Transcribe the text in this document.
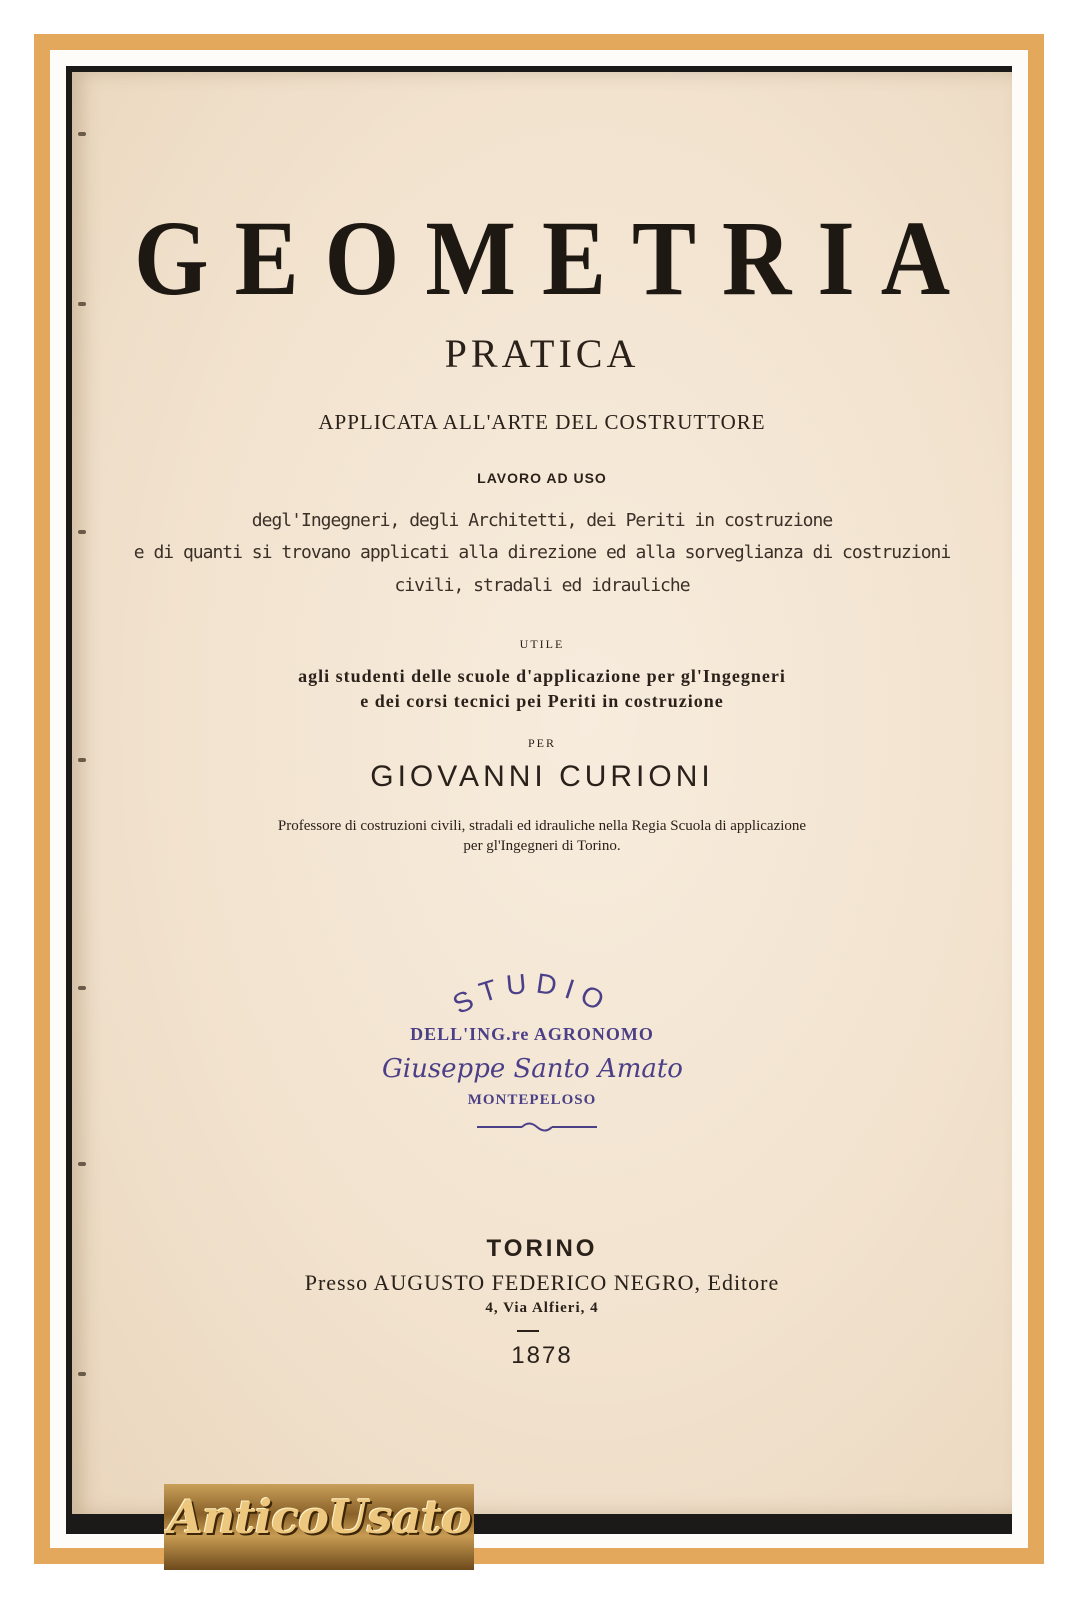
GEOMETRIA
PRATICA
APPLICATA ALL'ARTE DEL COSTRUTTORE
LAVORO AD USO
degl'Ingegneri, degli Architetti, dei Periti in costruzione
e di quanti si trovano applicati alla direzione ed alla sorveglianza di costruzioni
civili, stradali ed idrauliche
UTILE
agli studenti delle scuole d'applicazione per gl'Ingegneri
e dei corsi tecnici pei Periti in costruzione
PER
GIOVANNI CURIONI
Professore di costruzioni civili, stradali ed idrauliche nella Regia Scuola di applicazione
per gl'Ingegneri di Torino.
STUDIO
DELL'ING.re AGRONOMO
Giuseppe Santo Amato
MONTEPELOSO
TORINO
Presso AUGUSTO FEDERICO NEGRO, Editore
4, Via Alfieri, 4
1878
AnticoUsato
